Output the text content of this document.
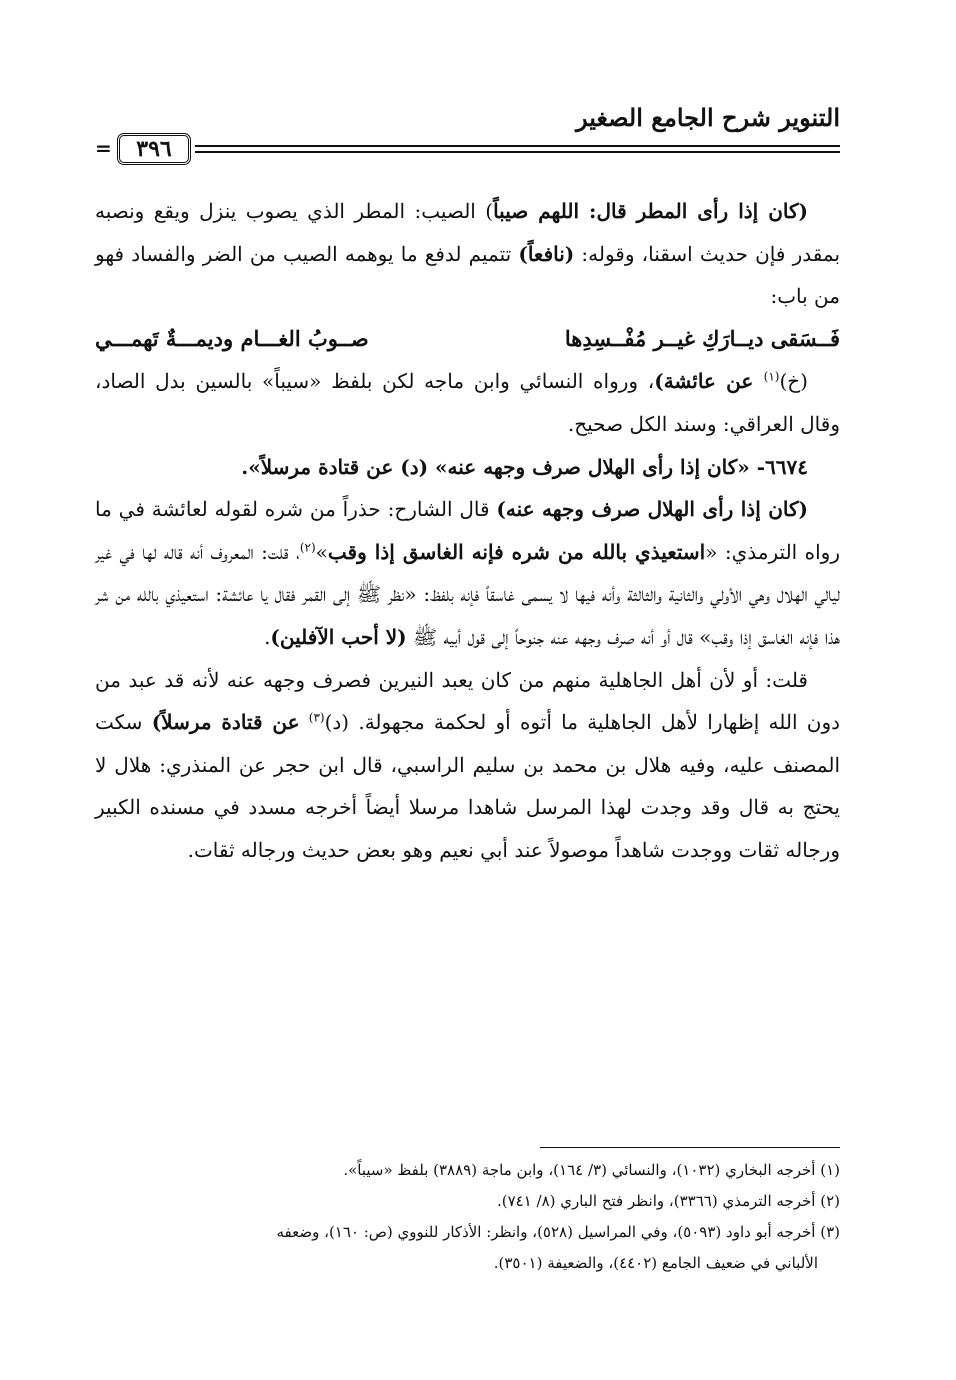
التنوير شرح الجامع الصغير
٣٩٦
=

(كان إذا رأى المطر قال: اللهم صيباً) الصيب: المطر الذي يصوب ينزل ويقع ونصبه بمقدر فإن حديث اسقنا، وقوله: (نافعاً) تتميم لدفع ما يوهمه الصيب من الضر والفساد فهو من باب:

فَــسَقى ديــارَكِ غيــر مُفْــسِدِها
صــوبُ الغـــام وديمـــةٌ تَهمـــي

(خ)$^{(١)}$ عن عائشة)، ورواه النسائي وابن ماجه لكن بلفظ «سيباً» بالسين بدل الصاد، وقال العراقي: وسند الكل صحيح.

٦٦٧٤- «كان إذا رأى الهلال صرف وجهه عنه» (د) عن قتادة مرسلاً».

(كان إذا رأى الهلال صرف وجهه عنه) قال الشارح: حذراً من شره لقوله لعائشة في ما رواه الترمذي: «استعيذي بالله من شره فإنه الغاسق إذا وقب»$^{(٢)}$، قلت: المعروف أنه قاله لها في غير ليالي الهلال وهي الأولي والثانية والثالثة وأنه فيها لا يسمى غاسقاً فإنه بلفظ: «نظر ﷺ إلى القمر فقال يا عائشة: استعيذي بالله من شر هذا فإنه الغاسق إذا وقب» قال أو أنه صرف وجهه عنه جنوحاً إلى قول أبيه ﷺ (لا أحب الآفلين).

قلت: أو لأن أهل الجاهلية منهم من كان يعبد النيرين فصرف وجهه عنه لأنه قد عبد من دون الله إظهارا لأهل الجاهلية ما أتوه أو لحكمة مجهولة. (د)$^{(٣)}$ عن قتادة مرسلاً) سكت المصنف عليه، وفيه هلال بن محمد بن سليم الراسبي، قال ابن حجر عن المنذري: هلال لا يحتج به قال وقد وجدت لهذا المرسل شاهدا مرسلا أيضاً أخرجه مسدد في مسنده الكبير ورجاله ثقات ووجدت شاهداً موصولاً عند أبي نعيم وهو بعض حديث ورجاله ثقات.

(١) أخرجه البخاري (١٠٣٢)، والنسائي (٣/ ١٦٤)، وابن ماجة (٣٨٨٩) بلفظ «سيباً».

(٢) أخرجه الترمذي (٣٣٦٦)، وانظر فتح الباري (٨/ ٧٤١).

(٣) أخرجه أبو داود (٥٠٩٣)، وفي المراسيل (٥٢٨)، وانظر: الأذكار للنووي (ص: ١٦٠)، وضعفه

الألباني في ضعيف الجامع (٤٤٠٢)، والضعيفة (٣٥٠١).
